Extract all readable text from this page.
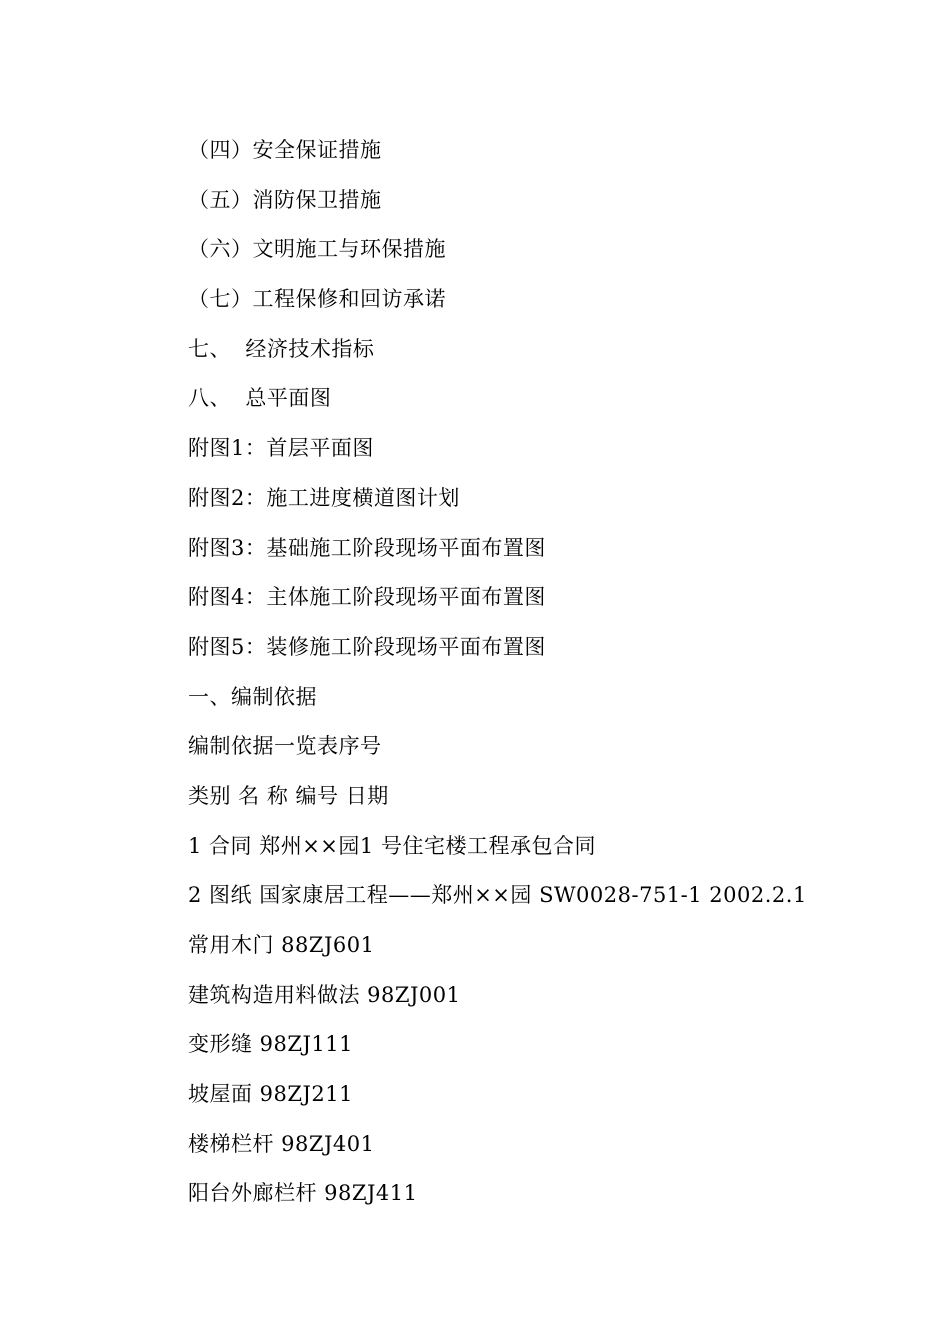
（四）安全保证措施
（五）消防保卫措施
（六）文明施工与环保措施
（七）工程保修和回访承诺
七、  经济技术指标
八、  总平面图
附图1：首层平面图
附图2：施工进度横道图计划
附图3：基础施工阶段现场平面布置图
附图4：主体施工阶段现场平面布置图
附图5：装修施工阶段现场平面布置图
一、编制依据
编制依据一览表序号
类别 名 称 编号 日期
1 合同 郑州××园1 号住宅楼工程承包合同
2 图纸 国家康居工程——郑州××园 SW0028-751-1 2002.2.1
常用木门 88ZJ601
建筑构造用料做法 98ZJ001
变形缝 98ZJ111
坡屋面 98ZJ211
楼梯栏杆 98ZJ401
阳台外廊栏杆 98ZJ411
